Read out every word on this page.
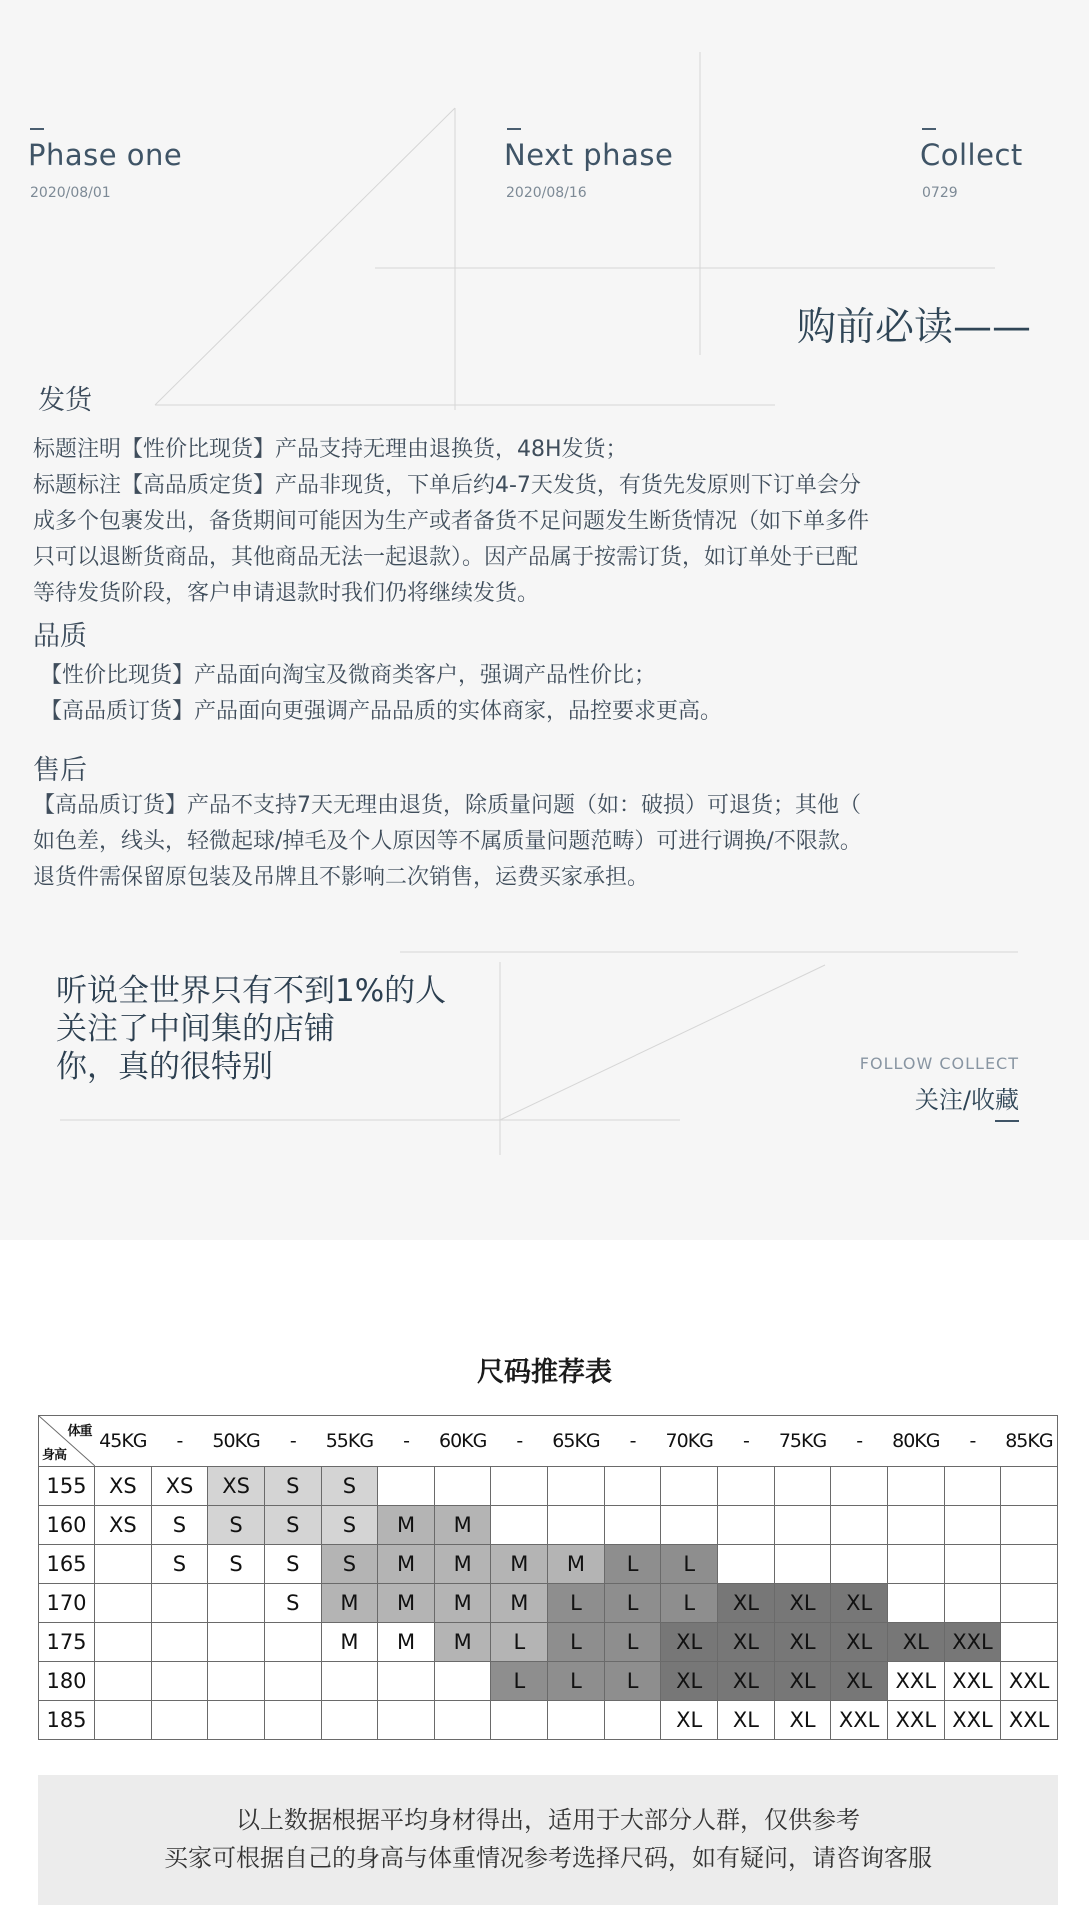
Phase one
2020/08/01
Next phase
2020/08/16
Collect
0729
购前必读——
发货
标题注明【性价比现货】产品支持无理由退换货，48H发货；
标题标注【高品质定货】产品非现货，下单后约4-7天发货，有货先发原则下订单会分
成多个包裹发出，备货期间可能因为生产或者备货不足问题发生断货情况（如下单多件
只可以退断货商品，其他商品无法一起退款）。因产品属于按需订货，如订单处于已配
等待发货阶段，客户申请退款时我们仍将继续发货。
品质
【性价比现货】产品面向淘宝及微商类客户，强调产品性价比；
【高品质订货】产品面向更强调产品品质的实体商家，品控要求更高。
售后
【高品质订货】产品不支持7天无理由退货，除质量问题（如：破损）可退货；其他（
如色差，线头，轻微起球/掉毛及个人原因等不属质量问题范畴）可进行调换/不限款。
退货件需保留原包装及吊牌且不影响二次销售，运费买家承担。
听说全世界只有不到1%的人
关注了中间集的店铺
你，真的很特别	FOLLOW COLLECT
关注/收藏
尺码推荐表
体重
身高	45KG	-	50KG	-	55KG	-	60KG	-	65KG	-	70KG	-	75KG	-	80KG	-	85KG
155	XS	XS	XS	S	S												
160	XS	S	S	S	S	M	M										
165		S	S	S	S	M	M	M	M	L	L						
170				S	M	M	M	M	L	L	L	XL	XL	XL			
175					M	M	M	L	L	L	XL	XL	XL	XL	XL	XXL	
180								L	L	L	XL	XL	XL	XL	XXL	XXL	XXL
185											XL	XL	XL	XXL	XXL	XXL	XXL
以上数据根据平均身材得出，适用于大部分人群，仅供参考
买家可根据自己的身高与体重情况参考选择尺码，如有疑问，请咨询客服
